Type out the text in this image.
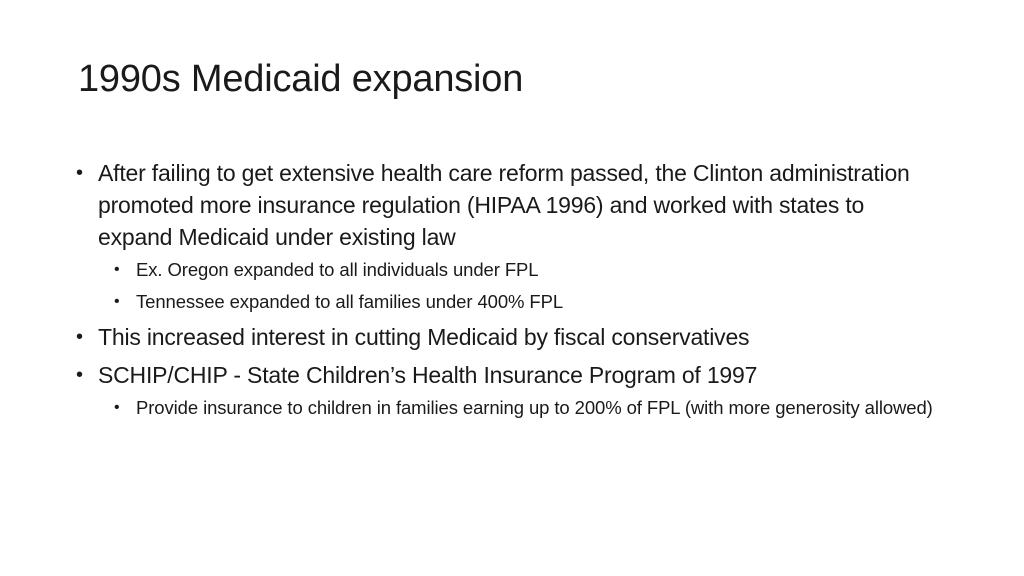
1990s Medicaid expansion
• After failing to get extensive health care reform passed, the Clinton administration promoted more insurance regulation (HIPAA 1996) and worked with states to expand Medicaid under existing law
• Ex. Oregon expanded to all individuals under FPL
• Tennessee expanded to all families under 400% FPL
• This increased interest in cutting Medicaid by fiscal conservatives
• SCHIP/CHIP - State Children’s Health Insurance Program of 1997
• Provide insurance to children in families earning up to 200% of FPL (with more generosity allowed)
